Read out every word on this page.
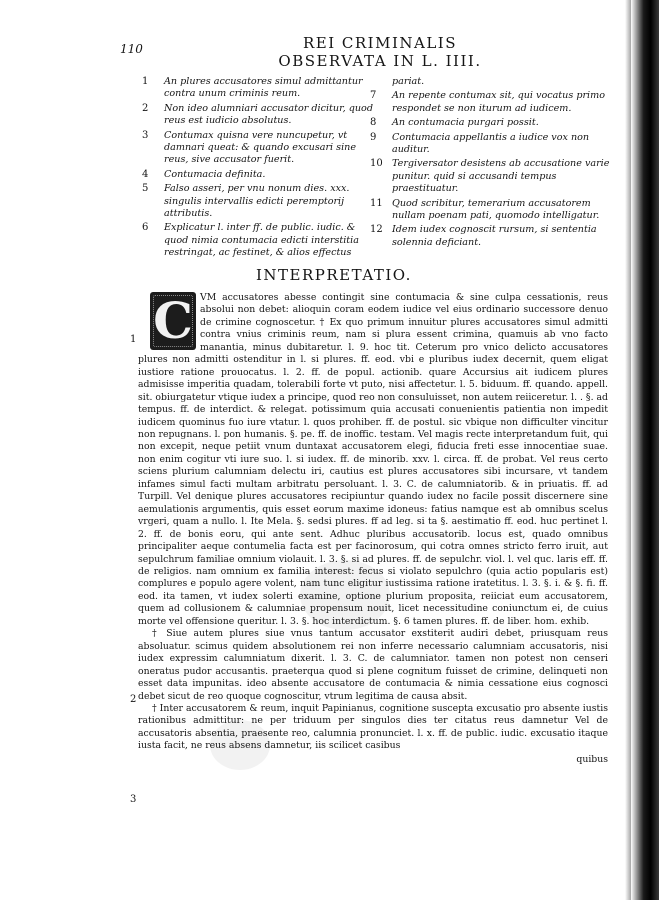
110	REI CRIMINALIS
OBSERVATA IN L. IIII.
1	An plures accusatores simul admittantur contra unum criminis reum.
2	Non ideo alumniari accusator dicitur, quod reus est iudicio absolutus.
3	Contumax quisna vere nuncupetur, vt damnari queat: & quando excusari sine reus, sive accusator fuerit.
4	Contumacia definita.
5	Falso asseri, per vnu nonum dies. xxx. singulis intervallis edicti peremptorij attributis.
6	Explicatur l. inter ff. de public. iudic. & quod nimia contumacia edicti interstitia restringat, ac festinet, & alios effectus
pariat.
7	An repente contumax sit, qui vocatus primo respondet se non iturum ad iudicem.
8	An contumacia purgari possit.
9	Contumacia appellantis a iudice vox non auditur.
10 Tergiversator desistens ab accusatione varie punitur. quid si accusandi tempus praestituatur.
11 Quod scribitur, temerarium accusatorem nullam poenam pati, quomodo intelligatur.
12 Idem iudex cognoscit rursum, si sententia solennia deficiant.
INTERPRETATIO.
1
2
3

VM accusatores abesse contingit sine contumacia & sine culpa cessationis, reus absolui non debet: alioquin coram eodem iudice vel eius ordinario successore denuo de crimine cognoscetur. † Ex quo primum innuitur plures accusatores simul admitti contra vnius criminis reum, nam si plura essent crimina, quamuis ab vno facto manantia, minus dubitaretur. l. 9. hoc tit. Ceterum pro vnico delicto accusatores plures non admitti ostenditur in l. si plures. ff. eod. vbi e pluribus iudex decernit, quem eligat iustiore ratione prouocatus. l. 2. ff. de popul. actionib. quare Accursius ait iudicem plures admisisse imperitia quadam, tolerabili forte vt puto, nisi affectetur. l. 5. biduum. ff. quando. appell. sit. obiurgatetur vtique iudex a principe, quod reo non consuluisset, non autem reiiceretur. l. . §. ad tempus. ff. de interdict. & relegat. potissimum quia accusati conuenientis patientia non impedit iudicem quominus fuo iure vtatur. l. quos prohiber. ff. de postul. sic vbique non difficulter vincitur non repugnans. l. pon humanis. §. pe. ff. de inoffic. testam. Vel magis recte interpretandum fuit, qui non excepit, neque petiit vnum duntaxat accusatorem elegi, fiducia freti esse innocentiae suae. non enim cogitur vti iure suo. l. si iudex. ff. de minorib. xxv. l. circa. ff. de probat. Vel reus certo sciens plurium calumniam delectu iri, cautius est plures accusatores sibi incursare, vt tandem infames simul facti multam arbitratu persoluant. l. 3. C. de calumniatorib. & in priuatis. ff. ad Turpill. Vel denique plures accusatores recipiuntur quando iudex no facile possit discernere sine aemulationis argumentis, quis esset eorum maxime idoneus: fatius namque est ab omnibus scelus vrgeri, quam a nullo. l. Ite Mela. §. sedsi plures. ff ad leg. si ta §. aestimatio ff. eod. huc pertinet l. 2. ff. de bonis eoru, qui ante sent. Adhuc pluribus accusatorib. locus est, quado omnibus principaliter aeque contumelia facta est per facinorosum, qui cotra omnes stricto ferro iruit, aut sepulchrum familiae omnium violauit. l. 3. §. si ad plures. ff. de sepulchr. viol. l. vel quc. laris eff. ff. de religios. nam omnium ex familia interest: fecus si violato sepulchro (quia actio popularis est) complures e populo agere volent, nam tunc eligitur iustissima ratione iratetitus. l. 3. §. i. & §. fi. ff. eod. ita tamen, vt iudex solerti examine, optione plurium proposita, reiiciat eum accusatorem, quem ad collusionem & calumniae propensum nouit, licet necessitudine coniunctum ei, de cuius morte vel offensione queritur. l. 3. §. hoc interdictum. §. 6 tamen plures. ff. de liber. hom. exhib.

† Siue autem plures siue vnus tantum accusator exstiterit audiri debet, priusquam reus absoluatur. scimus quidem absolutionem rei non inferre necessario calumniam accusatoris, nisi iudex expressim calumniatum dixerit. l. 3. C. de calumniator. tamen non potest non censeri oneratus pudor accusantis. praeterqua quod si plene cognitum fuisset de crimine, delinqueti non esset data impunitas. ideo absente accusatore de contumacia & nimia cessatione eius cognosci debet sicut de reo quoque cognoscitur, vtrum legitima de causa absit.

† Inter accusatorem & reum, inquit Papinianus, cognitione suscepta excusatio pro absente iustis rationibus admittitur: ne per triduum per singulos dies ter citatus reus damnetur Vel de accusatoris absentia, praesente reo, calumnia pronunciet. l. x. ff. de public. iudic. excusatio itaque iusta facit, ne reus absens damnetur, iis scilicet casibus

quibus

C
